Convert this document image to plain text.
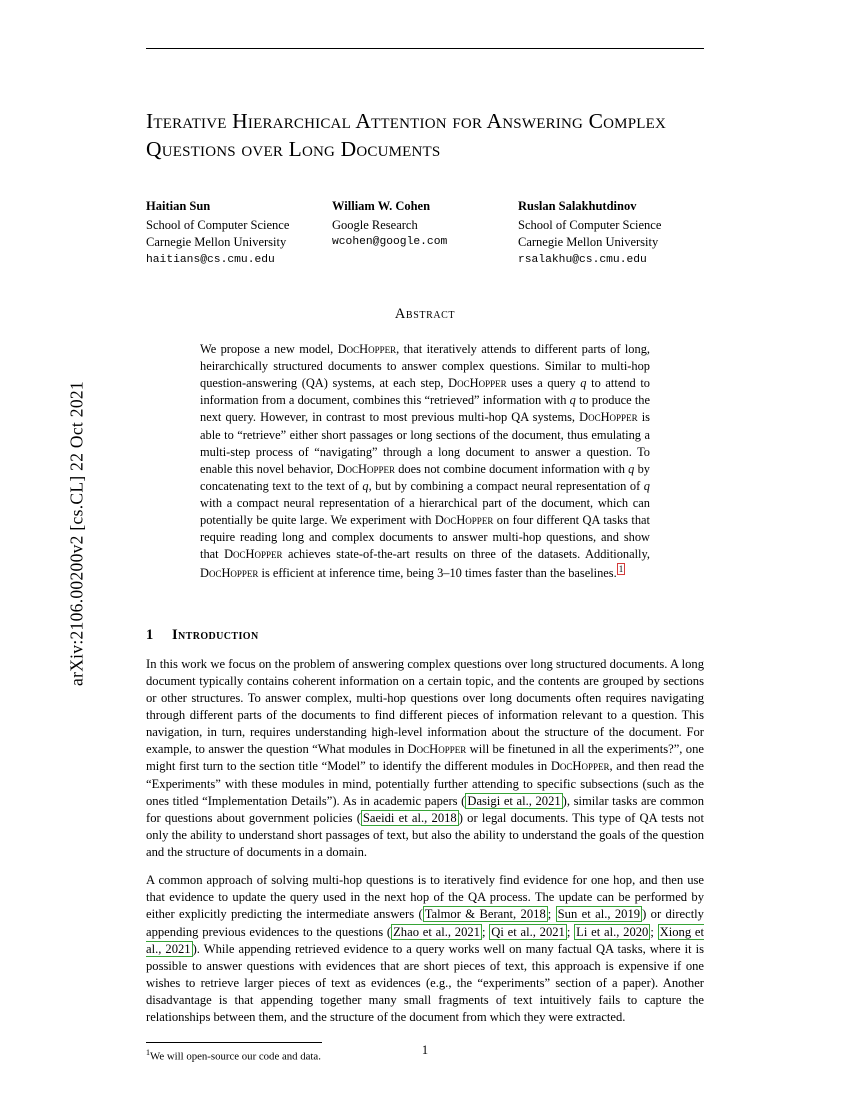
arXiv:2106.00200v2 [cs.CL] 22 Oct 2021
Iterative Hierarchical Attention for Answering Complex Questions over Long Documents
Haitian Sun
School of Computer Science
Carnegie Mellon University
haitians@cs.cmu.edu
William W. Cohen
Google Research
wcohen@google.com
Ruslan Salakhutdinov
School of Computer Science
Carnegie Mellon University
rsalakhu@cs.cmu.edu
Abstract
We propose a new model, DocHopper, that iteratively attends to different parts of long, heirarchically structured documents to answer complex questions. Similar to multi-hop question-answering (QA) systems, at each step, DocHopper uses a query q to attend to information from a document, combines this “retrieved” information with q to produce the next query. However, in contrast to most previous multi-hop QA systems, DocHopper is able to “retrieve” either short passages or long sections of the document, thus emulating a multi-step process of “navigating” through a long document to answer a question. To enable this novel behavior, DocHopper does not combine document information with q by concatenating text to the text of q, but by combining a compact neural representation of q with a compact neural representation of a hierarchical part of the document, which can potentially be quite large. We experiment with DocHopper on four different QA tasks that require reading long and complex documents to answer multi-hop questions, and show that DocHopper achieves state-of-the-art results on three of the datasets. Additionally, DocHopper is efficient at inference time, being 3–10 times faster than the baselines. $^1$
1 Introduction

In this work we focus on the problem of answering complex questions over long structured documents. A long document typically contains coherent information on a certain topic, and the contents are grouped by sections or other structures. To answer complex, multi-hop questions over long documents often requires navigating through different parts of the documents to find different pieces of information relevant to a question. This navigation, in turn, requires understanding high-level information about the structure of the document. For example, to answer the question “What modules in DocHopper will be finetuned in all the experiments?”, one might first turn to the section title “Model” to identify the different modules in DocHopper, and then read the “Experiments” with these modules in mind, potentially further attending to specific subsections (such as the ones titled “Implementation Details”). As in academic papers ( Dasigi et al., 2021 ), similar tasks are common for questions about government policies ( Saeidi et al., 2018 ) or legal documents. This type of QA tests not only the ability to understand short passages of text, but also the ability to understand the goals of the question and the structure of documents in a domain.

A common approach of solving multi-hop questions is to iteratively find evidence for one hop, and then use that evidence to update the query used in the next hop of the QA process. The update can be performed by either explicitly predicting the intermediate answers ( Talmor & Berant, 2018 ; Sun et al., 2019 ) or directly appending previous evidences to the questions ( Zhao et al., 2021 ; Qi et al., 2021 ; Li et al., 2020 ; Xiong et al., 2021 ). While appending retrieved evidence to a query works well on many factual QA tasks, where it is possible to answer questions with evidences that are short pieces of text, this approach is expensive if one wishes to retrieve larger pieces of text as evidences (e.g., the “experiments” section of a paper). Another disadvantage is that appending together many small fragments of text intuitively fails to capture the relationships between them, and the structure of the document from which they were extracted.

$^1$We will open-source our code and data.	1
